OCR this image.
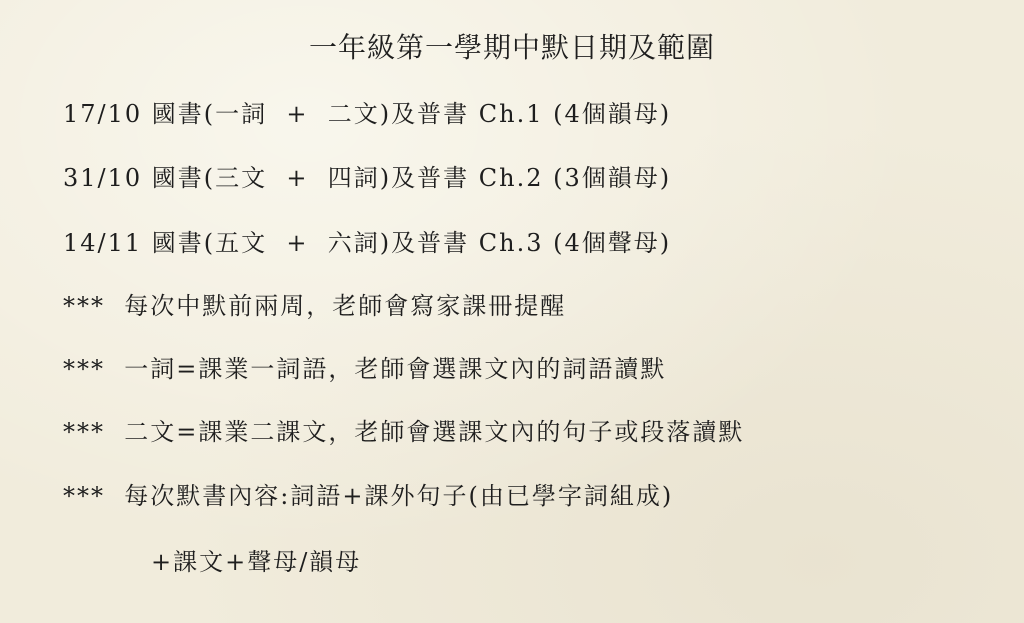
一年級第一學期中默日期及範圍
17/10 國書(一詞  +  二文)及普書 Ch.1 (4個韻母)
31/10 國書(三文  +  四詞)及普書 Ch.2 (3個韻母)
14/11 國書(五文  +  六詞)及普書 Ch.3 (4個聲母)
***  每次中默前兩周，老師會寫家課冊提醒
***  一詞=課業一詞語，老師會選課文內的詞語讀默
***  二文=課業二課文，老師會選課文內的句子或段落讀默
***  每次默書內容:詞語+課外句子(由已學字詞組成)
+課文+聲母/韻母
